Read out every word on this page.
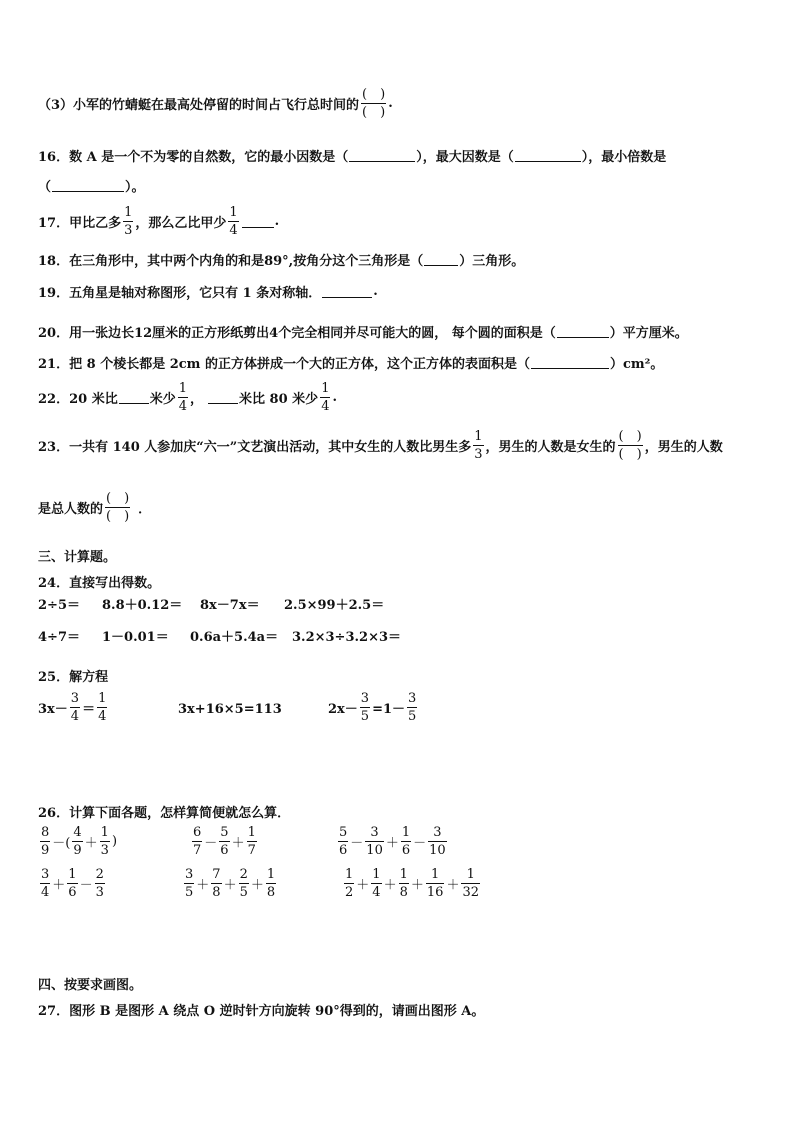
（3）小军的竹蜻蜓在最高处停留的时间占飞行总时间的 $\frac{( )}{( )}$ .
16．数 A 是一个不为零的自然数，它的最小因数是（	），最大因数是（	），最小倍数是
（	）。
17．甲比乙多 $\frac{1}{3}$ ，那么乙比甲少 $\frac{1}{4}$	.
18．在三角形中，其中两个内角的和是89°,按角分这个三角形是（	）三角形。
19．五角星是轴对称图形，它只有 1 条对称轴．	.
20．用一张边长12厘米的正方形纸剪出4个完全相同并尽可能大的圆， 每个圆的面积是（	）平方厘米。
21．把 8 个棱长都是 2cm 的正方体拼成一个大的正方体，这个正方体的表面积是（	）cm²。
22．20 米比 米少 $\frac{1}{4}$ ，	米比 80 米少 $\frac{1}{4}$ .
23．一共有 140 人参加庆“六一”文艺演出活动，其中女生的人数比男生多 $\frac{1}{3}$ ，男生的人数是女生的 $\frac{( )}{( )}$ ，男生的人数
是总人数的 $\frac{( )}{( )}$ ．
三、计算题。
24．直接写出得数。
2÷5＝ 8.8＋0.12＝ 8x－7x＝ 2.5×99＋2.5＝
4÷7＝ 1－0.01＝ 0.6a＋5.4a＝ 3.2×3÷3.2×3＝
25．解方程
$3x- \frac{3}{4} = \frac{1}{4}$	3x+16×5=113	$2x- \frac{3}{5} =1- \frac{3}{5}$
26．计算下面各题，怎样算简便就怎么算．
$\frac{8}{9}$ －( $\frac{4}{9} + \frac{1}{3}$ )	$\frac{6}{7} - \frac{5}{6} + \frac{1}{7}$	$\frac{5}{6} - \frac{3}{10} + \frac{1}{6} - \frac{3}{10}$
$\frac{3}{4} + \frac{1}{6} - \frac{2}{3}$	$\frac{3}{5} + \frac{7}{8} + \frac{2}{5} + \frac{1}{8}$	$\frac{1}{2} + \frac{1}{4} + \frac{1}{8} + \frac{1}{16} + \frac{1}{32}$
四、按要求画图。
27．图形 B 是图形 A 绕点 O 逆时针方向旋转 90°得到的，请画出图形 A。
